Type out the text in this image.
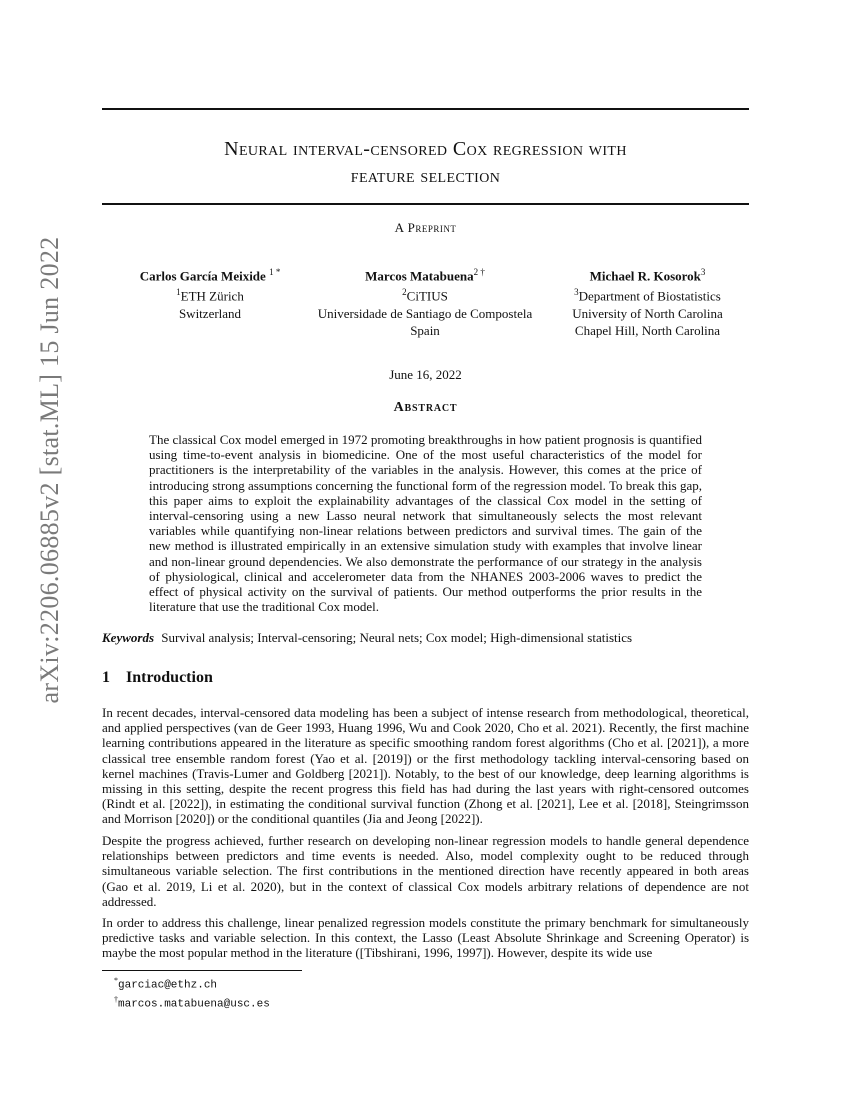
arXiv:2206.06885v2 [stat.ML] 15 Jun 2022
Neural interval-censored Cox regression with
feature selection
A Preprint
Carlos García Meixide $^{1 *}$
$^1$ETH Zürich
Switzerland
Marcos Matabuena$^{2 \dagger}$
$^2$CiTIUS
Universidade de Santiago de Compostela
Spain
Michael R. Kosorok$^3$
$^3$Department of Biostatistics
University of North Carolina
Chapel Hill, North Carolina
June 16, 2022
Abstract
The classical Cox model emerged in 1972 promoting breakthroughs in how patient prognosis is quantified using time-to-event analysis in biomedicine. One of the most useful characteristics of the model for practitioners is the interpretability of the variables in the analysis. However, this comes at the price of introducing strong assumptions concerning the functional form of the regression model. To break this gap, this paper aims to exploit the explainability advantages of the classical Cox model in the setting of interval-censoring using a new Lasso neural network that simultaneously selects the most relevant variables while quantifying non-linear relations between predictors and survival times. The gain of the new method is illustrated empirically in an extensive simulation study with examples that involve linear and non-linear ground dependencies. We also demonstrate the performance of our strategy in the analysis of physiological, clinical and accelerometer data from the NHANES 2003-2006 waves to predict the effect of physical activity on the survival of patients. Our method outperforms the prior results in the literature that use the traditional Cox model.
Keywords Survival analysis; Interval-censoring; Neural nets; Cox model; High-dimensional statistics
1 Introduction

In recent decades, interval-censored data modeling has been a subject of intense research from methodological, theoretical, and applied perspectives (van de Geer 1993, Huang 1996, Wu and Cook 2020, Cho et al. 2021). Recently, the first machine learning contributions appeared in the literature as specific smoothing random forest algorithms (Cho et al. [2021]), a more classical tree ensemble random forest (Yao et al. [2019]) or the first methodology tackling interval-censoring based on kernel machines (Travis-Lumer and Goldberg [2021]). Notably, to the best of our knowledge, deep learning algorithms is missing in this setting, despite the recent progress this field has had during the last years with right-censored outcomes (Rindt et al. [2022]), in estimating the conditional survival function (Zhong et al. [2021], Lee et al. [2018], Steingrimsson and Morrison [2020]) or the conditional quantiles (Jia and Jeong [2022]).

Despite the progress achieved, further research on developing non-linear regression models to handle general dependence relationships between predictors and time events is needed. Also, model complexity ought to be reduced through simultaneous variable selection. The first contributions in the mentioned direction have recently appeared in both areas (Gao et al. 2019, Li et al. 2020), but in the context of classical Cox models arbitrary relations of dependence are not addressed.

In order to address this challenge, linear penalized regression models constitute the primary benchmark for simultaneously predictive tasks and variable selection. In this context, the Lasso (Least Absolute Shrinkage and Screening Operator) is maybe the most popular method in the literature ([Tibshirani, 1996, 1997]). However, despite its wide use

*garciac@ethz.ch
†marcos.matabuena@usc.es
